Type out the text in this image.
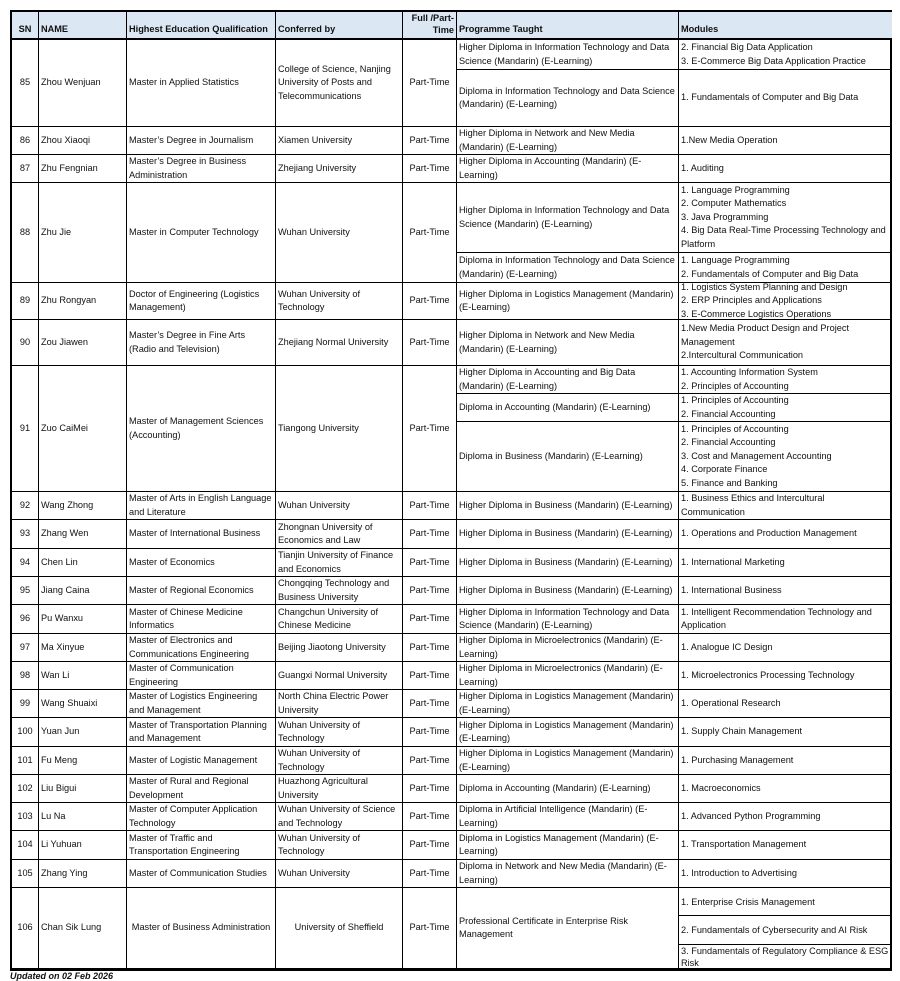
SN	NAME	Highest Education Qualification	Conferred by
Full /Part-
Time Programme Taught	Modules
85	Zhou Wenjuan	Master in Applied Statistics
College of Science, Nanjing University of Posts and Telecommunications
Part-Time
Higher Diploma in Information Technology and Data Science (Mandarin) (E-Learning)
2. Financial Big Data Application
3. E-Commerce Big Data Application Practice
Diploma in Information Technology and Data Science (Mandarin) (E-Learning)
1. Fundamentals of Computer and Big Data
86	Zhou Xiaoqi	Master’s Degree in Journalism	Xiamen University	Part-Time
Higher Diploma in Network and New Media (Mandarin) (E-Learning)
1.New Media Operation
87	Zhu Fengnian
Master’s Degree in Business Administration
Zhejiang University	Part-Time
Higher Diploma in Accounting (Mandarin) (E-Learning)
1. Auditing
88	Zhu Jie	Master in Computer Technology	Wuhan University	Part-Time
Higher Diploma in Information Technology and Data Science (Mandarin) (E-Learning)
1. Language Programming
2. Computer Mathematics
3. Java Programming
4. Big Data Real-Time Processing Technology and Platform
Diploma in Information Technology and Data Science (Mandarin) (E-Learning)
1. Language Programming
2. Fundamentals of Computer and Big Data
89	Zhu Rongyan
Doctor of Engineering (Logistics Management)
Wuhan University of Technology
Part-Time
Higher Diploma in Logistics Management (Mandarin) (E-Learning)
1. Logistics System Planning and Design
2. ERP Principles and Applications
3. E-Commerce Logistics Operations
90	Zou Jiawen
Master’s Degree in Fine Arts (Radio and Television)
Zhejiang Normal University	Part-Time
Higher Diploma in Network and New Media (Mandarin) (E-Learning)
1.New Media Product Design and Project Management
2.Intercultural Communication
91	Zuo CaiMei
Master of Management Sciences (Accounting)
Tiangong University	Part-Time
Higher Diploma in Accounting and Big Data (Mandarin) (E-Learning)
1. Accounting Information System
2. Principles of Accounting
Diploma in Accounting (Mandarin) (E-Learning)
1. Principles of Accounting
2. Financial Accounting
Diploma in Business (Mandarin) (E-Learning)
1. Principles of Accounting
2. Financial Accounting
3. Cost and Management Accounting
4. Corporate Finance
5. Finance and Banking
92	Wang Zhong
Master of Arts in English Language and Literature
Wuhan University	Part-Time	Higher Diploma in Business (Mandarin) (E-Learning)
1. Business Ethics and Intercultural Communication
93	Zhang Wen	Master of International Business
Zhongnan University of Economics and Law
Part-Time	Higher Diploma in Business (Mandarin) (E-Learning) 1. Operations and Production Management
94	Chen Lin	Master of Economics
Tianjin University of Finance and Economics
Part-Time	Higher Diploma in Business (Mandarin) (E-Learning) 1. International Marketing
95	Jiang Caina	Master of Regional Economics
Chongqing Technology and Business University
Part-Time	Higher Diploma in Business (Mandarin) (E-Learning) 1. International Business
96	Pu Wanxu
Master of Chinese Medicine Informatics
Changchun University of Chinese Medicine
Part-Time
Higher Diploma in Information Technology and Data Science (Mandarin) (E-Learning)
1. Intelligent Recommendation Technology and Application
97	Ma Xinyue
Master of Electronics and Communications Engineering
Beijing Jiaotong University	Part-Time
Higher Diploma in Microelectronics (Mandarin) (E-Learning)
1. Analogue IC Design
98	Wan Li
Master of Communication Engineering
Guangxi Normal University	Part-Time
Higher Diploma in Microelectronics (Mandarin) (E-Learning)
1. Microelectronics Processing Technology
99	Wang Shuaixi
Master of Logistics Engineering and Management
North China Electric Power University
Part-Time
Higher Diploma in Logistics Management (Mandarin) (E-Learning)
1. Operational Research
100 Yuan Jun
Master of Transportation Planning and Management
Wuhan University of Technology
Part-Time
Higher Diploma in Logistics Management (Mandarin) (E-Learning)
1. Supply Chain Management
101 Fu Meng	Master of Logistic Management
Wuhan University of Technology
Part-Time
Higher Diploma in Logistics Management (Mandarin) (E-Learning)
1. Purchasing Management
102 Liu Bigui
Master of Rural and Regional Development
Huazhong Agricultural University
Part-Time	Diploma in Accounting (Mandarin) (E-Learning)	1. Macroeconomics
103 Lu Na
Master of Computer Application Technology
Wuhan University of Science and Technology
Part-Time
Diploma in Artificial Intelligence (Mandarin) (E-Learning)
1. Advanced Python Programming
104 Li Yuhuan
Master of Traffic and Transportation Engineering
Wuhan University of Technology
Part-Time
Diploma in Logistics Management (Mandarin) (E-Learning)
1. Transportation Management
105 Zhang Ying	Master of Communication Studies	Wuhan University	Part-Time
Diploma in Network and New Media (Mandarin) (E-Learning)
1. Introduction to Advertising
106 Chan Sik Lung	Master of Business Administration	University of Sheffield	Part-Time
Professional Certificate in Enterprise Risk Management
1. Enterprise Crisis Management
2. Fundamentals of Cybersecurity and AI Risk
3. Fundamentals of Regulatory Compliance & ESG Risk
Updated on 02 Feb 2026
